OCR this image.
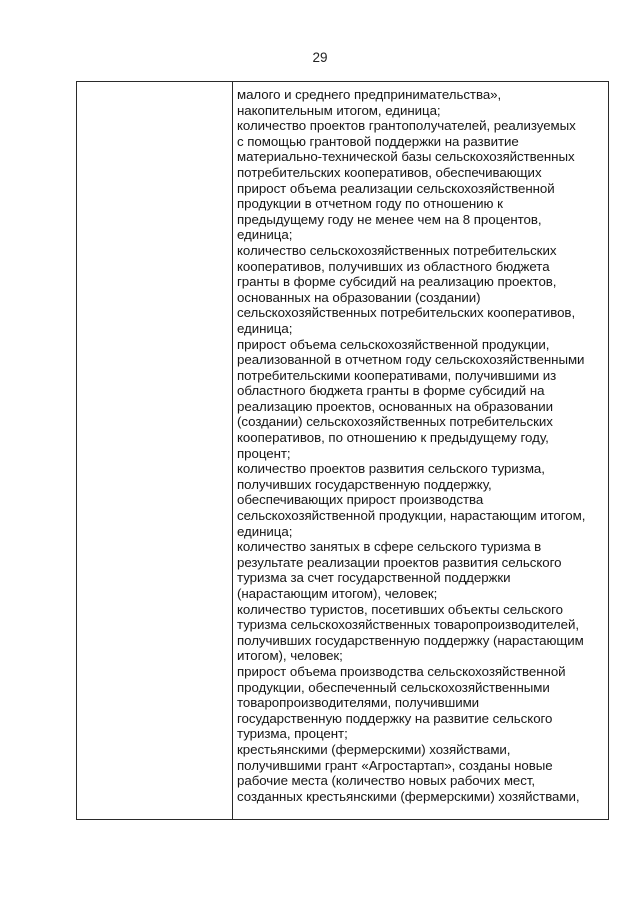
29
малого и среднего предпринимательства»,
накопительным итогом, единица;
количество проектов грантополучателей, реализуемых
с помощью грантовой поддержки на развитие
материально-технической базы сельскохозяйственных
потребительских кооперативов, обеспечивающих
прирост объема реализации сельскохозяйственной
продукции в отчетном году по отношению к
предыдущему году не менее чем на 8 процентов,
единица;
количество сельскохозяйственных потребительских
кооперативов, получивших из областного бюджета
гранты в форме субсидий на реализацию проектов,
основанных на образовании (создании)
сельскохозяйственных потребительских кооперативов,
единица;
прирост объема сельскохозяйственной продукции,
реализованной в отчетном году сельскохозяйственными
потребительскими кооперативами, получившими из
областного бюджета гранты в форме субсидий на
реализацию проектов, основанных на образовании
(создании) сельскохозяйственных потребительских
кооперативов, по отношению к предыдущему году,
процент;
количество проектов развития сельского туризма,
получивших государственную поддержку,
обеспечивающих прирост производства
сельскохозяйственной продукции, нарастающим итогом,
единица;
количество занятых в сфере сельского туризма в
результате реализации проектов развития сельского
туризма за счет государственной поддержки
(нарастающим итогом), человек;
количество туристов, посетивших объекты сельского
туризма сельскохозяйственных товаропроизводителей,
получивших государственную поддержку (нарастающим
итогом), человек;
прирост объема производства сельскохозяйственной
продукции, обеспеченный сельскохозяйственными
товаропроизводителями, получившими
государственную поддержку на развитие сельского
туризма, процент;
крестьянскими (фермерскими) хозяйствами,
получившими грант «Агростартап», созданы новые
рабочие места (количество новых рабочих мест,
созданных крестьянскими (фермерскими) хозяйствами,
